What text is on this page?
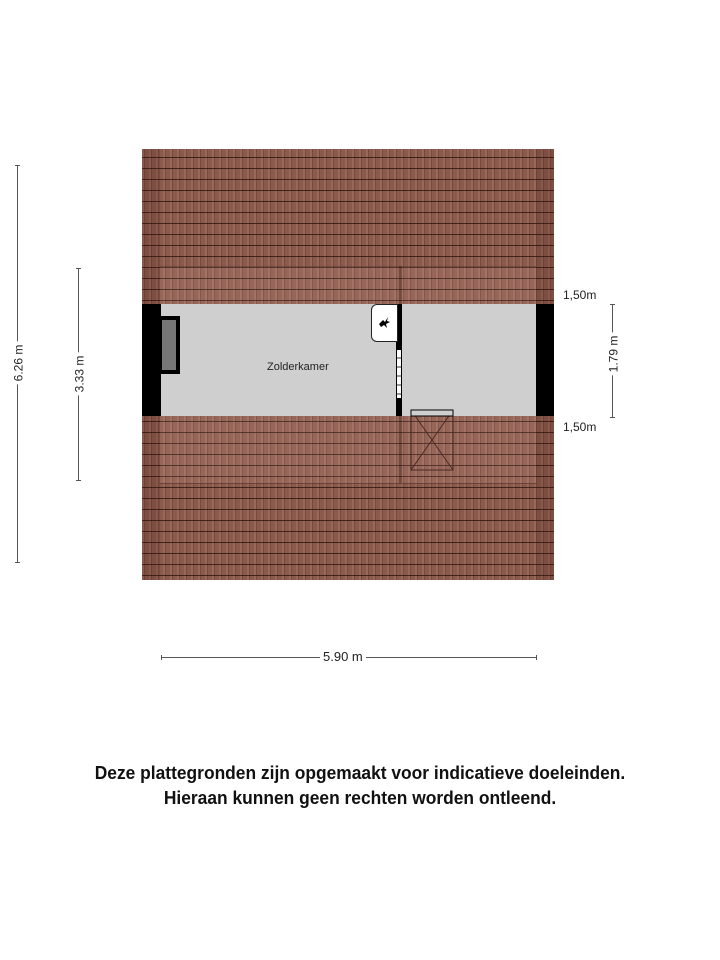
Zolderkamer
6.26 m	3.33 m
1.79 m
1,50m
1,50m
5.90 m
Deze plattegronden zijn opgemaakt voor indicatieve doeleinden.
Hieraan kunnen geen rechten worden ontleend.
